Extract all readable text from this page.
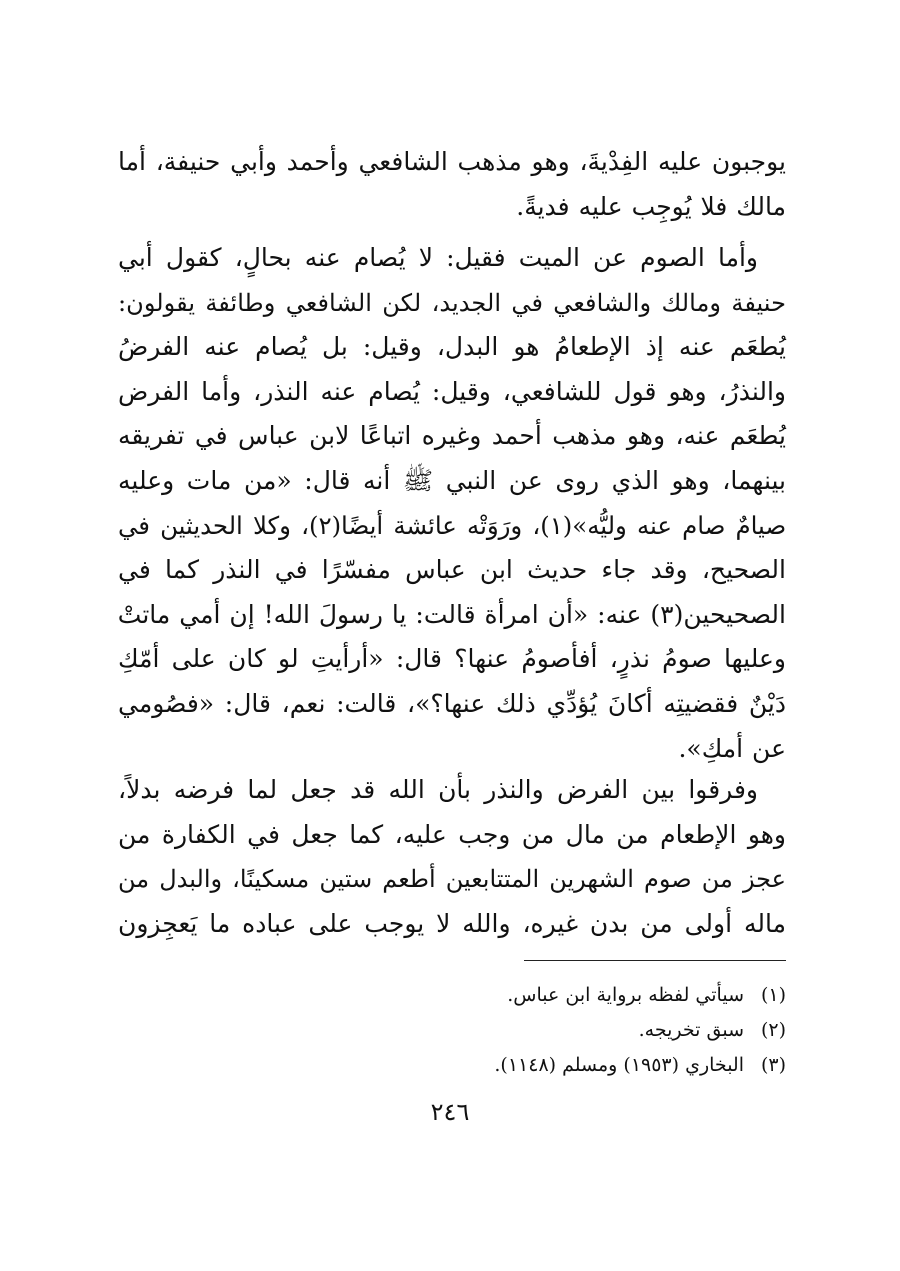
يوجبون عليه الفِدْيةَ، وهو مذهب الشافعي وأحمد وأبي حنيفة، أما
مالك فلا يُوجِب عليه فديةً.
وأما الصوم عن الميت فقيل: لا يُصام عنه بحالٍ، كقول أبي
حنيفة ومالك والشافعي في الجديد، لكن الشافعي وطائفة يقولون:
يُطعَم عنه إذ الإطعامُ هو البدل، وقيل: بل يُصام عنه الفرضُ
والنذرُ، وهو قول للشافعي، وقيل: يُصام عنه النذر، وأما الفرض
يُطعَم عنه، وهو مذهب أحمد وغيره اتباعًا لابن عباس في تفريقه
بينهما، وهو الذي روى عن النبي ﷺ أنه قال: «من مات وعليه
صيامٌ صام عنه وليُّه»(١)، ورَوَتْه عائشة أيضًا(٢)، وكلا الحديثين في
الصحيح، وقد جاء حديث ابن عباس مفسّرًا في النذر كما في
الصحيحين(٣) عنه: «أن امرأة قالت: يا رسولَ الله! إن أمي ماتتْ
وعليها صومُ نذرٍ، أفأصومُ عنها؟ قال: «أرأيتِ لو كان على أمّكِ
دَيْنٌ فقضيتِه أكانَ يُؤدِّي ذلك عنها؟»، قالت: نعم، قال: «فصُومي
عن أمكِ».
وفرقوا بين الفرض والنذر بأن الله قد جعل لما فرضه بدلاً،
وهو الإطعام من مال من وجب عليه، كما جعل في الكفارة من
عجز من صوم الشهرين المتتابعين أطعم ستين مسكينًا، والبدل من
ماله أولى من بدن غيره، والله لا يوجب على عباده ما يَعجِزون
(١)سيأتي لفظه برواية ابن عباس.
(٢)سبق تخريجه.
(٣)البخاري (١٩٥٣) ومسلم (١١٤٨).
٢٤٦
